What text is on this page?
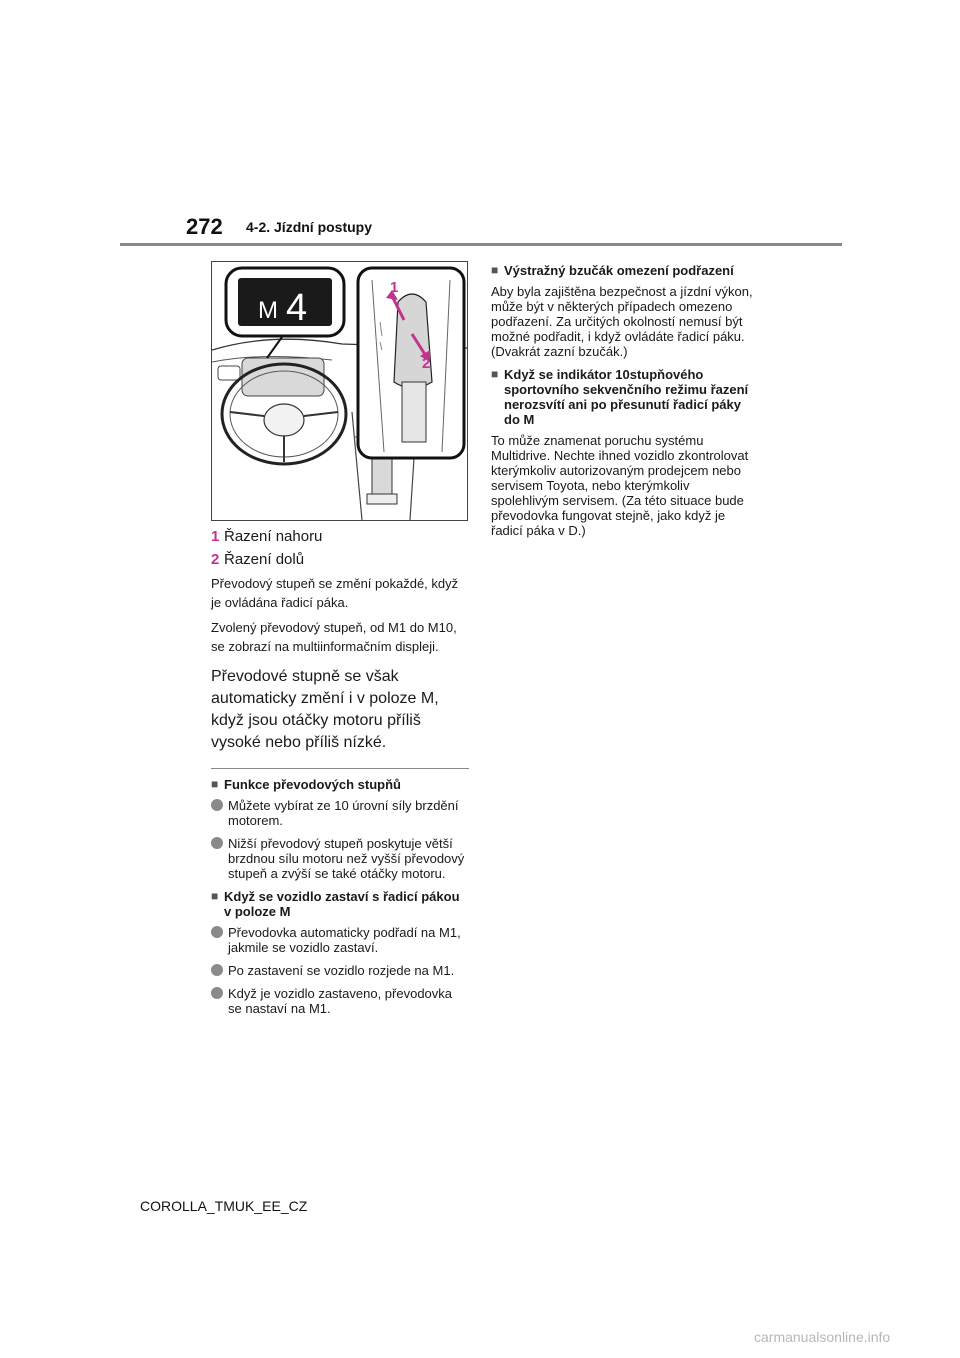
272 4-2. Jízdní postupy
M 4	1
2
1 Řazení nahoru
2 Řazení dolů
Převodový stupeň se změní pokaždé, když je ovládána řadicí páka.
Zvolený převodový stupeň, od M1 do M10, se zobrazí na multiinformačním displeji.
Převodové stupně se však automaticky změní i v poloze M, když jsou otáčky motoru příliš vysoké nebo příliš nízké.
■ Funkce převodových stupňů
Můžete vybírat ze 10 úrovní síly brzdění motorem.
Nižší převodový stupeň poskytuje větší brzdnou sílu motoru než vyšší převodový stupeň a zvýší se také otáčky motoru.
■ Když se vozidlo zastaví s řadicí pákou v poloze M
Převodovka automaticky podřadí na M1, jakmile se vozidlo zastaví.
Po zastavení se vozidlo rozjede na M1.
Když je vozidlo zastaveno, převodovka se nastaví na M1.
■ Výstražný bzučák omezení podřazení
Aby byla zajištěna bezpečnost a jízdní výkon, může být v některých případech omezeno podřazení. Za určitých okolností nemusí být možné podřadit, i když ovládáte řadicí páku. (Dvakrát zazní bzučák.)
■ Když se indikátor 10stupňového sportovního sekvenčního režimu řazení nerozsvítí ani po přesunutí řadicí páky do M
To může znamenat poruchu systému Multidrive. Nechte ihned vozidlo zkontrolovat kterýmkoliv autorizovaným prodejcem nebo servisem Toyota, nebo kterýmkoliv spolehlivým servisem. (Za této situace bude převodovka fungovat stejně, jako když je řadicí páka v D.)
COROLLA_TMUK_EE_CZ
carmanualsonline.info
